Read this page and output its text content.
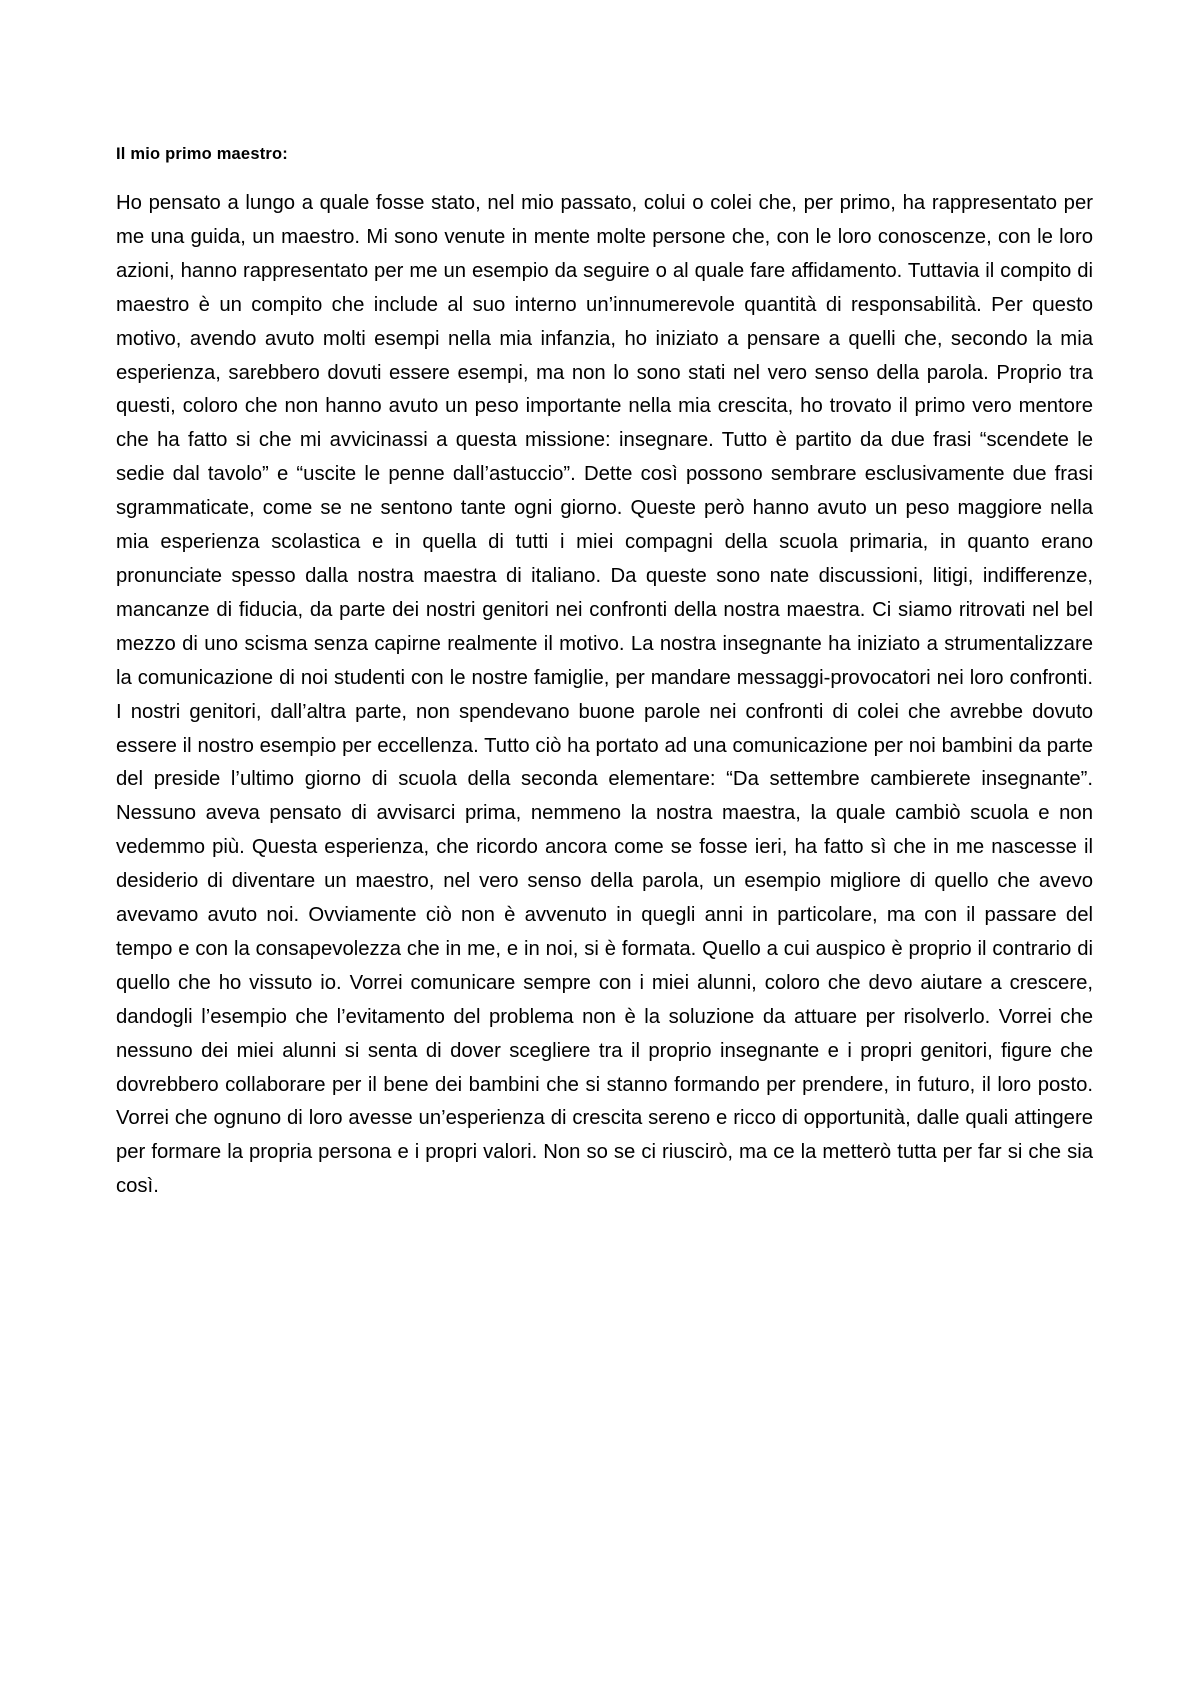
Il mio primo maestro:

Ho pensato a lungo a quale fosse stato, nel mio passato, colui o colei che, per primo, ha rappresentato per me una guida, un maestro. Mi sono venute in mente molte persone che, con le loro conoscenze, con le loro azioni, hanno rappresentato per me un esempio da seguire o al quale fare affidamento. Tuttavia il compito di maestro è un compito che include al suo interno un’innumerevole quantità di responsabilità. Per questo motivo, avendo avuto molti esempi nella mia infanzia, ho iniziato a pensare a quelli che, secondo la mia esperienza, sarebbero dovuti essere esempi, ma non lo sono stati nel vero senso della parola. Proprio tra questi, coloro che non hanno avuto un peso importante nella mia crescita, ho trovato il primo vero mentore che ha fatto si che mi avvicinassi a questa missione: insegnare. Tutto è partito da due frasi “scendete le sedie dal tavolo” e “uscite le penne dall’astuccio”. Dette così possono sembrare esclusivamente due frasi sgrammaticate, come se ne sentono tante ogni giorno. Queste però hanno avuto un peso maggiore nella mia esperienza scolastica e in quella di tutti i miei compagni della scuola primaria, in quanto erano pronunciate spesso dalla nostra maestra di italiano. Da queste sono nate discussioni, litigi, indifferenze, mancanze di fiducia, da parte dei nostri genitori nei confronti della nostra maestra. Ci siamo ritrovati nel bel mezzo di uno scisma senza capirne realmente il motivo. La nostra insegnante ha iniziato a strumentalizzare la comunicazione di noi studenti con le nostre famiglie, per mandare messaggi-provocatori nei loro confronti. I nostri genitori, dall’altra parte, non spendevano buone parole nei confronti di colei che avrebbe dovuto essere il nostro esempio per eccellenza. Tutto ciò ha portato ad una comunicazione per noi bambini da parte del preside l’ultimo giorno di scuola della seconda elementare: “Da settembre cambierete insegnante”. Nessuno aveva pensato di avvisarci prima, nemmeno la nostra maestra, la quale cambiò scuola e non vedemmo più. Questa esperienza, che ricordo ancora come se fosse ieri, ha fatto sì che in me nascesse il desiderio di diventare un maestro, nel vero senso della parola, un esempio migliore di quello che avevo avevamo avuto noi. Ovviamente ciò non è avvenuto in quegli anni in particolare, ma con il passare del tempo e con la consapevolezza che in me, e in noi, si è formata. Quello a cui auspico è proprio il contrario di quello che ho vissuto io. Vorrei comunicare sempre con i miei alunni, coloro che devo aiutare a crescere, dandogli l’esempio che l’evitamento del problema non è la soluzione da attuare per risolverlo. Vorrei che nessuno dei miei alunni si senta di dover scegliere tra il proprio insegnante e i propri genitori, figure che dovrebbero collaborare per il bene dei bambini che si stanno formando per prendere, in futuro, il loro posto. Vorrei che ognuno di loro avesse un’esperienza di crescita sereno e ricco di opportunità, dalle quali attingere per formare la propria persona e i propri valori. Non so se ci riuscirò, ma ce la metterò tutta per far si che sia così.
